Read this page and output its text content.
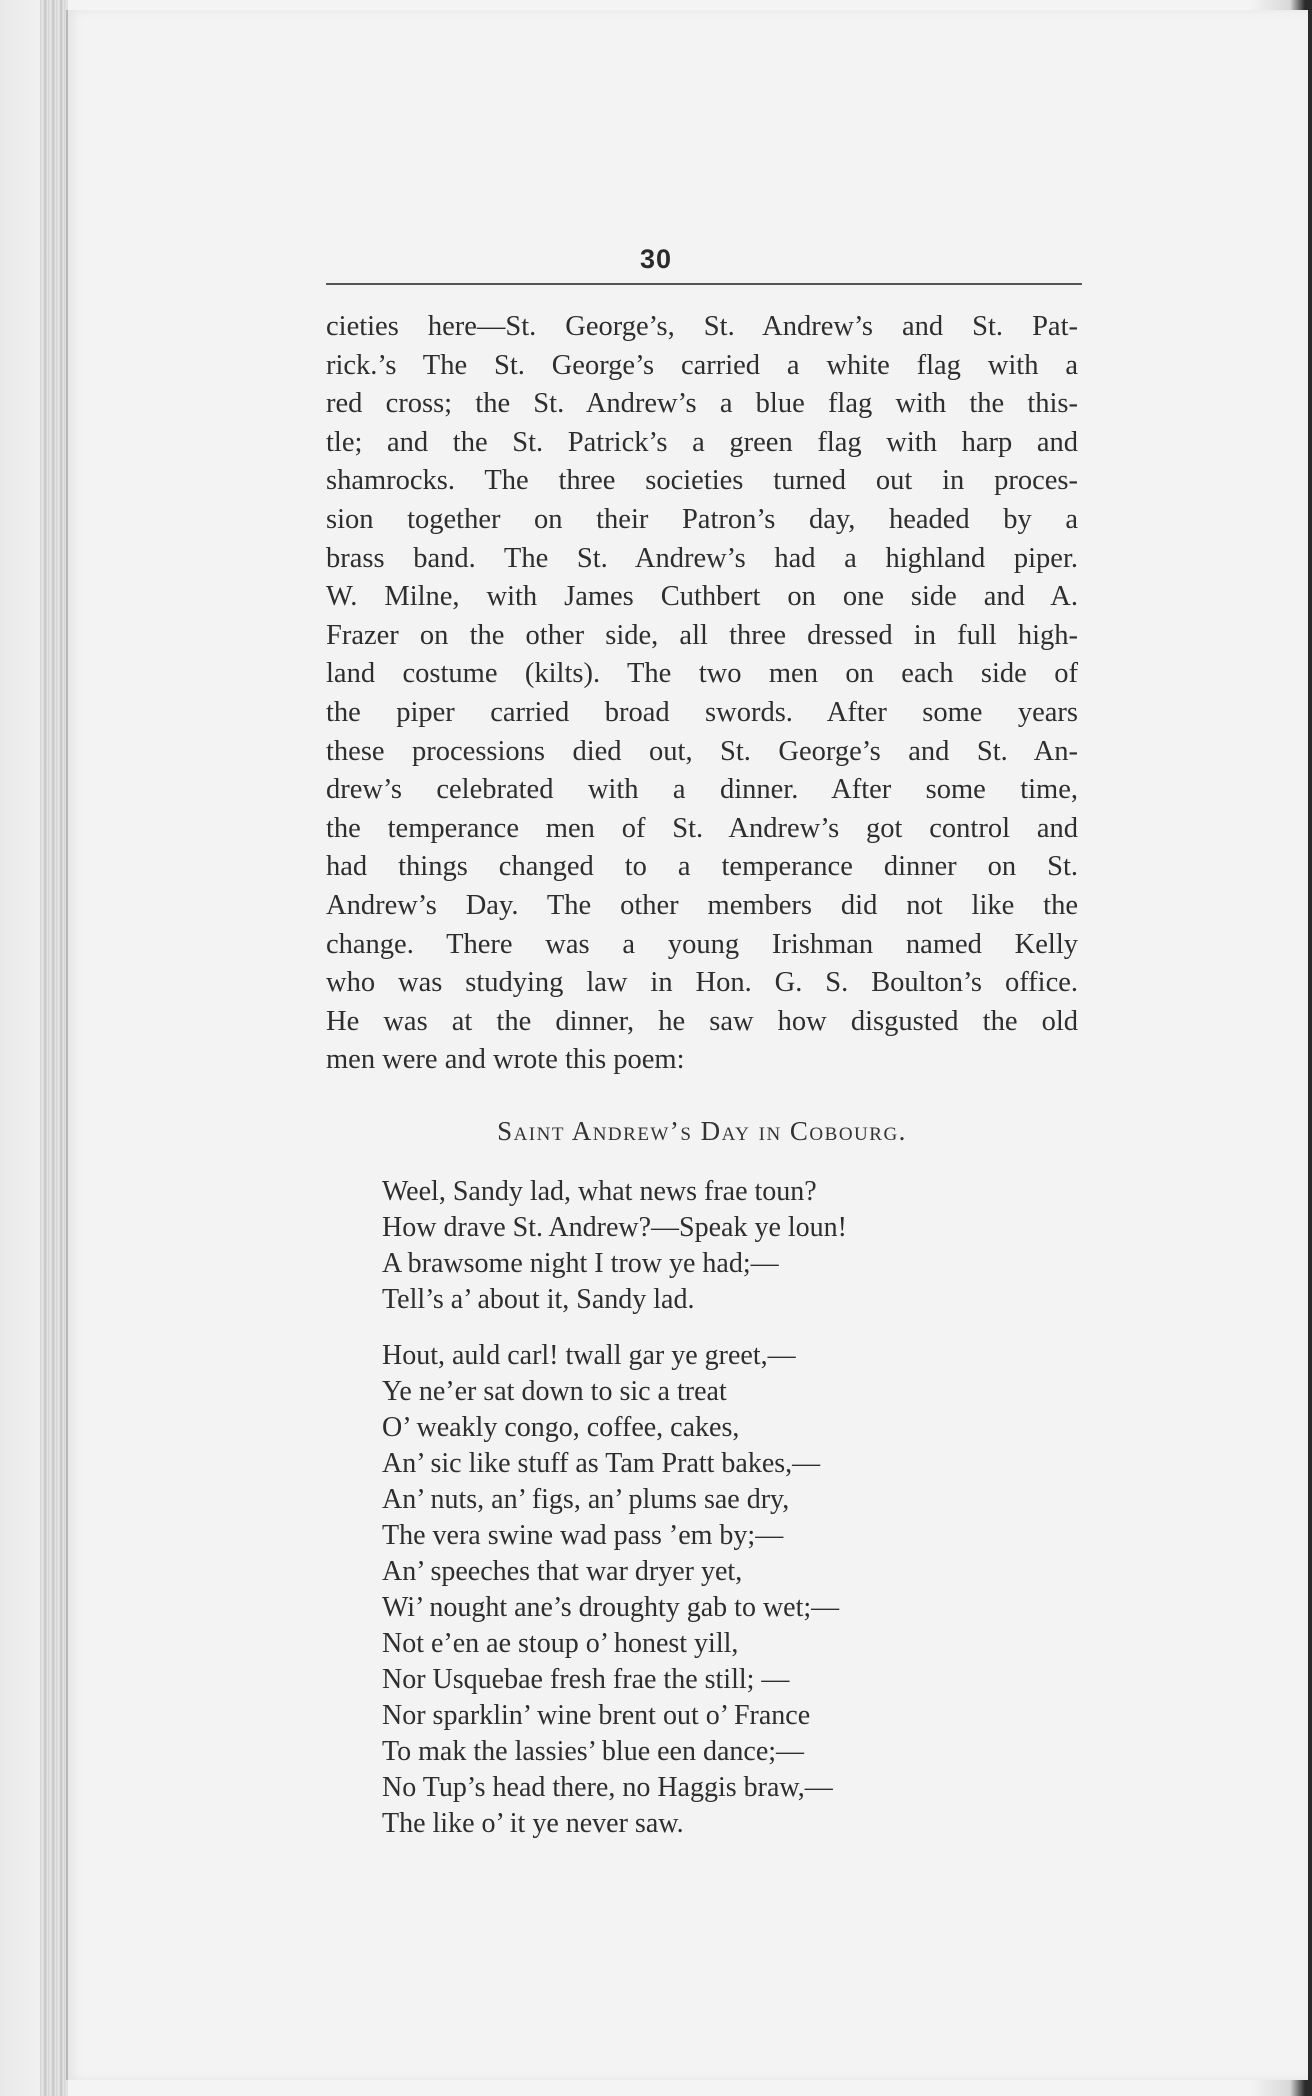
30
cieties here—St. George’s, St. Andrew’s and St. Pat-
rick.’s The St. George’s carried a white flag with a
red cross; the St. Andrew’s a blue flag with the this-
tle; and the St. Patrick’s a green flag with harp and
shamrocks. The three societies turned out in proces-
sion together on their Patron’s day, headed by a
brass band. The St. Andrew’s had a highland piper.
W. Milne, with James Cuthbert on one side and A.
Frazer on the other side, all three dressed in full high-
land costume (kilts). The two men on each side of
the piper carried broad swords. After some years
these processions died out, St. George’s and St. An-
drew’s celebrated with a dinner. After some time,
the temperance men of St. Andrew’s got control and
had things changed to a temperance dinner on St.
Andrew’s Day. The other members did not like the
change. There was a young Irishman named Kelly
who was studying law in Hon. G. S. Boulton’s office.
He was at the dinner, he saw how disgusted the old
men were and wrote this poem:
Saint Andrew’s Day in Cobourg.
Weel, Sandy lad, what news frae toun?
How drave St. Andrew?—Speak ye loun!
A brawsome night I trow ye had;—
Tell’s a’ about it, Sandy lad.
Hout, auld carl! twall gar ye greet,—
Ye ne’er sat down to sic a treat
O’ weakly congo, coffee, cakes,
An’ sic like stuff as Tam Pratt bakes,—
An’ nuts, an’ figs, an’ plums sae dry,
The vera swine wad pass ’em by;—
An’ speeches that war dryer yet,
Wi’ nought ane’s droughty gab to wet;—
Not e’en ae stoup o’ honest yill,
Nor Usquebae fresh frae the still; —
Nor sparklin’ wine brent out o’ France
To mak the lassies’ blue een dance;—
No Tup’s head there, no Haggis braw,—
The like o’ it ye never saw.
